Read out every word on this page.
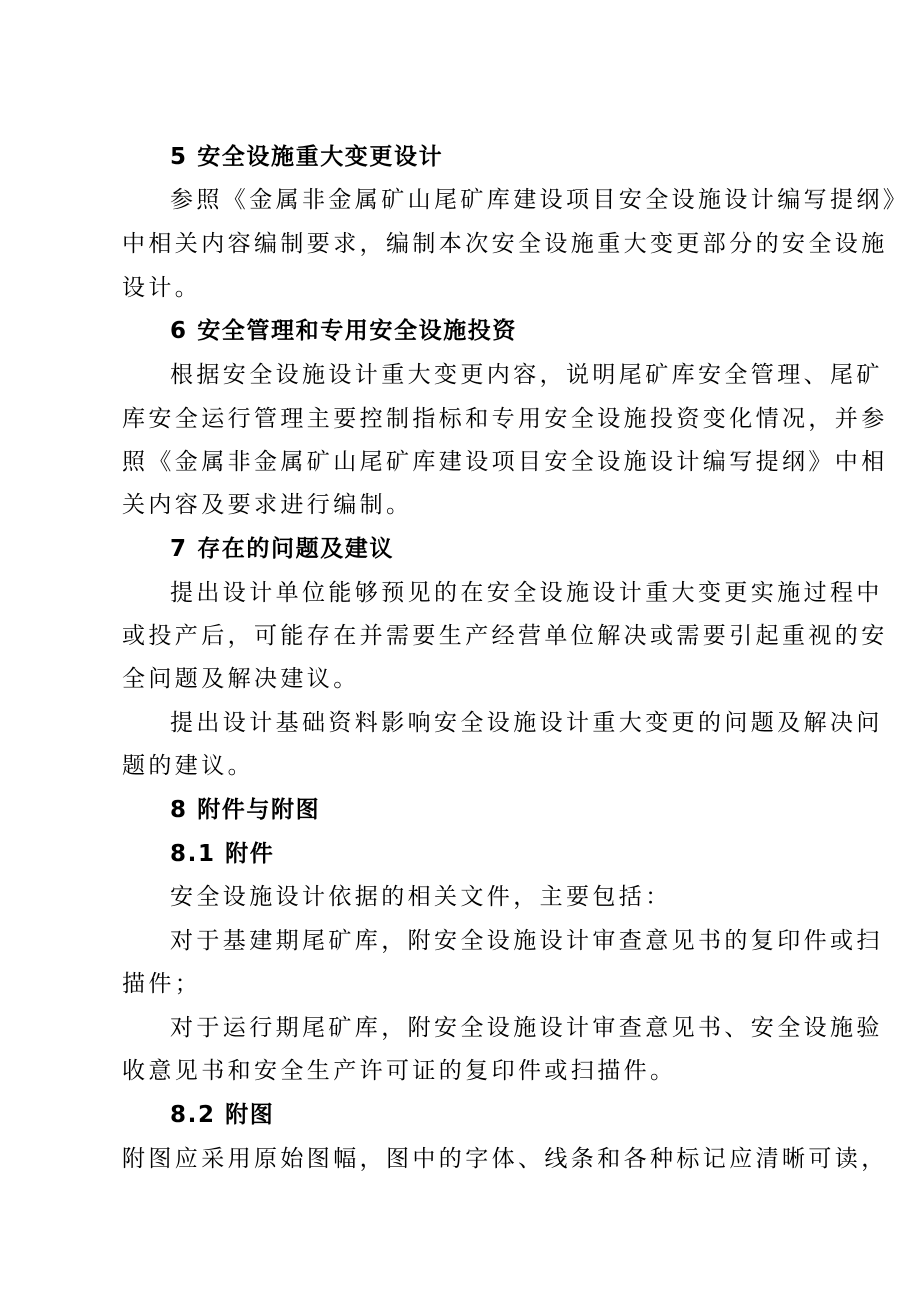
5 安全设施重大变更设计
参照《金属非金属矿山尾矿库建设项目安全设施设计编写提纲》
中相关内容编制要求，编制本次安全设施重大变更部分的安全设施
设计。
6 安全管理和专用安全设施投资
根据安全设施设计重大变更内容，说明尾矿库安全管理、尾矿
库安全运行管理主要控制指标和专用安全设施投资变化情况，并参
照《金属非金属矿山尾矿库建设项目安全设施设计编写提纲》中相
关内容及要求进行编制。
7 存在的问题及建议
提出设计单位能够预见的在安全设施设计重大变更实施过程中
或投产后，可能存在并需要生产经营单位解决或需要引起重视的安
全问题及解决建议。
提出设计基础资料影响安全设施设计重大变更的问题及解决问
题的建议。
8 附件与附图
8.1 附件
安全设施设计依据的相关文件，主要包括：
对于基建期尾矿库，附安全设施设计审查意见书的复印件或扫
描件；
对于运行期尾矿库，附安全设施设计审查意见书、安全设施验
收意见书和安全生产许可证的复印件或扫描件。
8.2 附图
附图应采用原始图幅，图中的字体、线条和各种标记应清晰可读，
